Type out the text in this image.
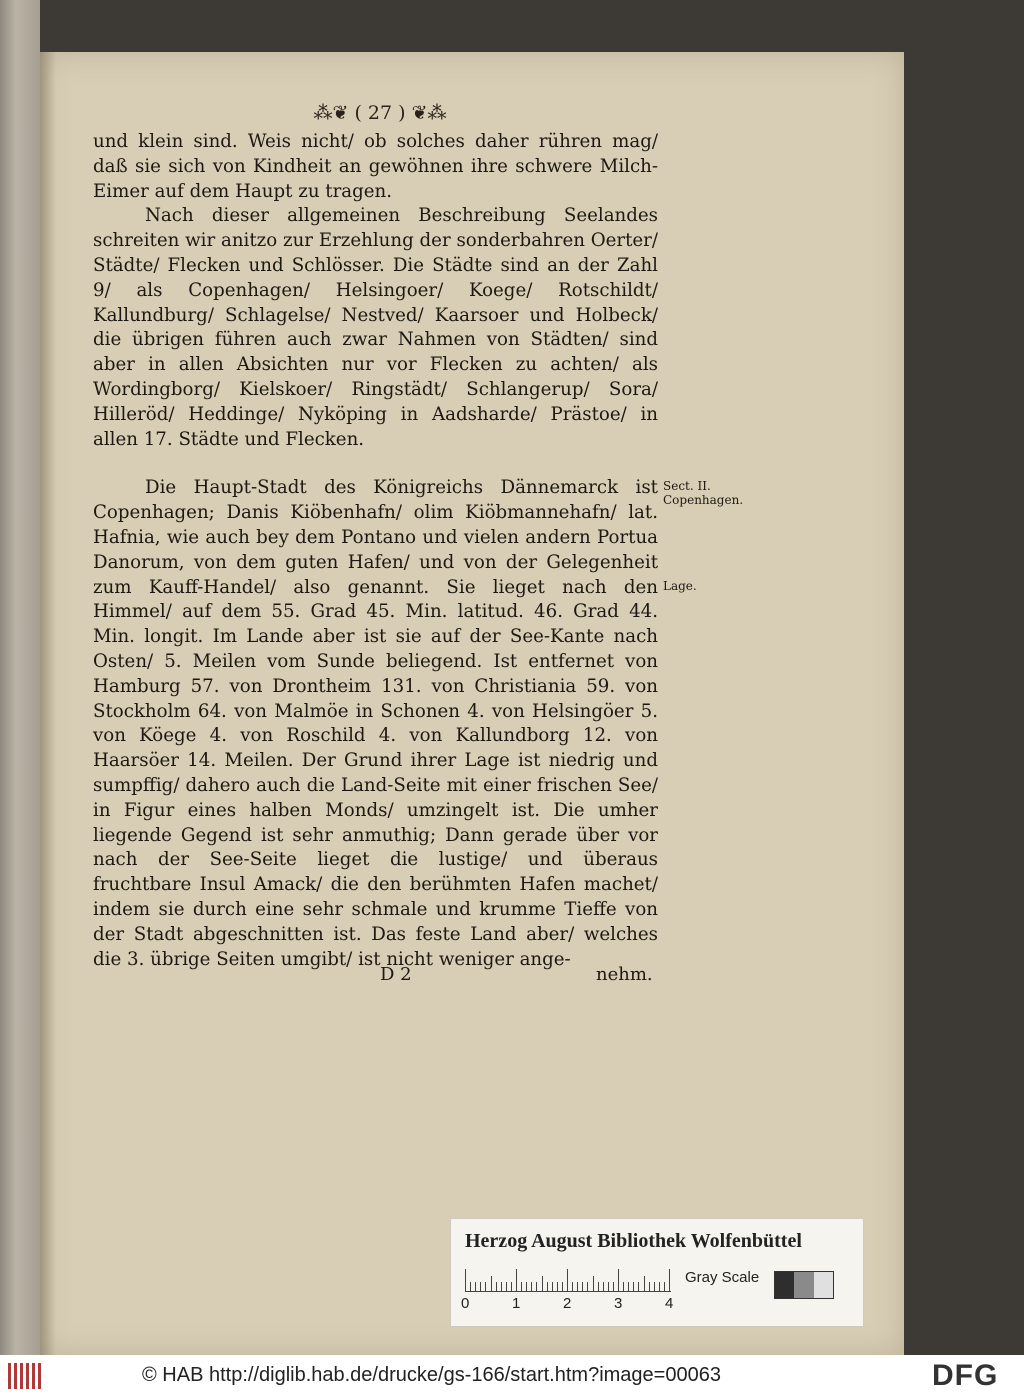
⁂❦ ( 27 ) ❦⁂

und klein sind. Weis nicht/ ob solches daher rühren mag/ daß sie sich von Kindheit an gewöhnen ihre schwere Milch-Eimer auf dem Haupt zu tragen.

Nach dieser allgemeinen Beschreibung Seelandes schreiten wir anitzo zur Erzehlung der sonderbahren Oerter/ Städte/ Flecken und Schlösser. Die Städte sind an der Zahl 9/ als Copenhagen/ Helsingoer/ Koege/ Rotschildt/ Kallundburg/ Schlagelse/ Nestved/ Kaarsoer und Holbeck/ die übrigen führen auch zwar Nahmen von Städten/ sind aber in allen Absichten nur vor Flecken zu achten/ als Wordingborg/ Kielskoer/ Ringstädt/ Schlangerup/ Sora/ Hilleröd/ Heddinge/ Nyköping in Aadsharde/ Prästoe/ in allen 17. Städte und Flecken.

Die Haupt-Stadt des Königreichs Dännemarck ist Copenhagen; Danis Kiöbenhafn/ olim Kiöbmannehafn/ lat. Hafnia, wie auch bey dem Pontano und vielen andern Portua Danorum, von dem guten Hafen/ und von der Gelegenheit zum Kauff-Handel/ also genannt. Sie lieget nach den Himmel/ auf dem 55. Grad 45. Min. latitud. 46. Grad 44. Min. longit. Im Lande aber ist sie auf der See-Kante nach Osten/ 5. Meilen vom Sunde beliegend. Ist entfernet von Hamburg 57. von Drontheim 131. von Christiania 59. von Stockholm 64. von Malmöe in Schonen 4. von Helsingöer 5. von Köege 4. von Roschild 4. von Kallundborg 12. von Haarsöer 14. Meilen. Der Grund ihrer Lage ist niedrig und sumpffig/ dahero auch die Land-Seite mit einer frischen See/ in Figur eines halben Monds/ umzingelt ist. Die umher liegende Gegend ist sehr anmuthig; Dann gerade über vor nach der See-Seite lieget die lustige/ und überaus fruchtbare Insul Amack/ die den berühmten Hafen machet/ indem sie durch eine sehr schmale und krumme Tieffe von der Stadt abgeschnitten ist. Das feste Land aber/ welches die 3. übrige Seiten umgibt/ ist nicht weniger ange-

Sect. II. Copenhagen.
Lage.
D 2	nehm.
Herzog August Bibliothek Wolfenbüttel
0	1	2	3	4
Gray Scale
© HAB http://diglib.hab.de/drucke/gs-166/start.htm?image=00063	DFG
